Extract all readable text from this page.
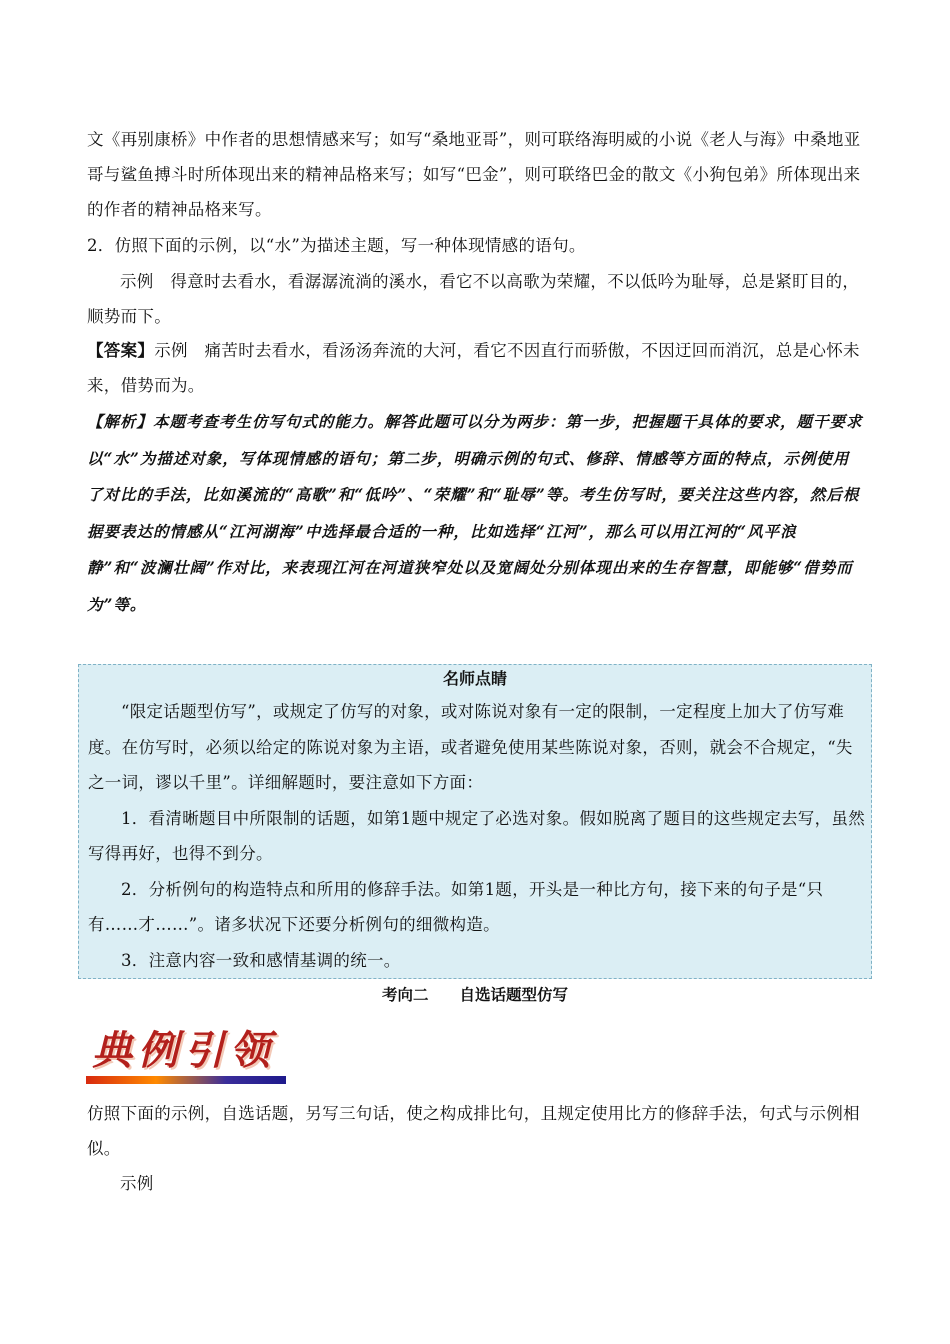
文《再别康桥》中作者的思想情感来写；如写“桑地亚哥”，则可联络海明威的小说《老人与海》中桑地亚哥与鲨鱼搏斗时所体现出来的精神品格来写；如写“巴金”，则可联络巴金的散文《小狗包弟》所体现出来的作者的精神品格来写。

2．仿照下面的示例，以“水”为描述主题，写一种体现情感的语句。

示例　得意时去看水，看潺潺流淌的溪水，看它不以高歌为荣耀，不以低吟为耻辱，总是紧盯目的，顺势而下。

【答案】示例　痛苦时去看水，看汤汤奔流的大河，看它不因直行而骄傲，不因迂回而消沉，总是心怀未来，借势而为。

【解析】本题考查考生仿写句式的能力。解答此题可以分为两步：第一步，把握题干具体的要求，题干要求以“水”为描述对象，写体现情感的语句；第二步，明确示例的句式、修辞、情感等方面的特点，示例使用了对比的手法，比如溪流的“高歌”和“低吟”、“荣耀”和“耻辱”等。考生仿写时，要关注这些内容，然后根据要表达的情感从“江河湖海”中选择最合适的一种，比如选择“江河”，那么可以用江河的“风平浪静”和“波澜壮阔”作对比，来表现江河在河道狭窄处以及宽阔处分别体现出来的生存智慧，即能够“借势而为”等。

“限定话题型仿写”，或规定了仿写的对象，或对陈说对象有一定的限制，一定程度上加大了仿写难度。在仿写时，必须以给定的陈说对象为主语，或者避免使用某些陈说对象，否则，就会不合规定，“失之一词，谬以千里”。详细解题时，要注意如下方面：

1．看清晰题目中所限制的话题，如第1题中规定了必选对象。假如脱离了题目的这些规定去写，虽然写得再好，也得不到分。

2．分析例句的构造特点和所用的修辞手法。如第1题，开头是一种比方句，接下来的句子是“只有……才……”。诸多状况下还要分析例句的细微构造。

3．注意内容一致和感情基调的统一。

名师点睛
考向二　　自选话题型仿写
典例引领

仿照下面的示例，自选话题，另写三句话，使之构成排比句，且规定使用比方的修辞手法，句式与示例相似。

示例
